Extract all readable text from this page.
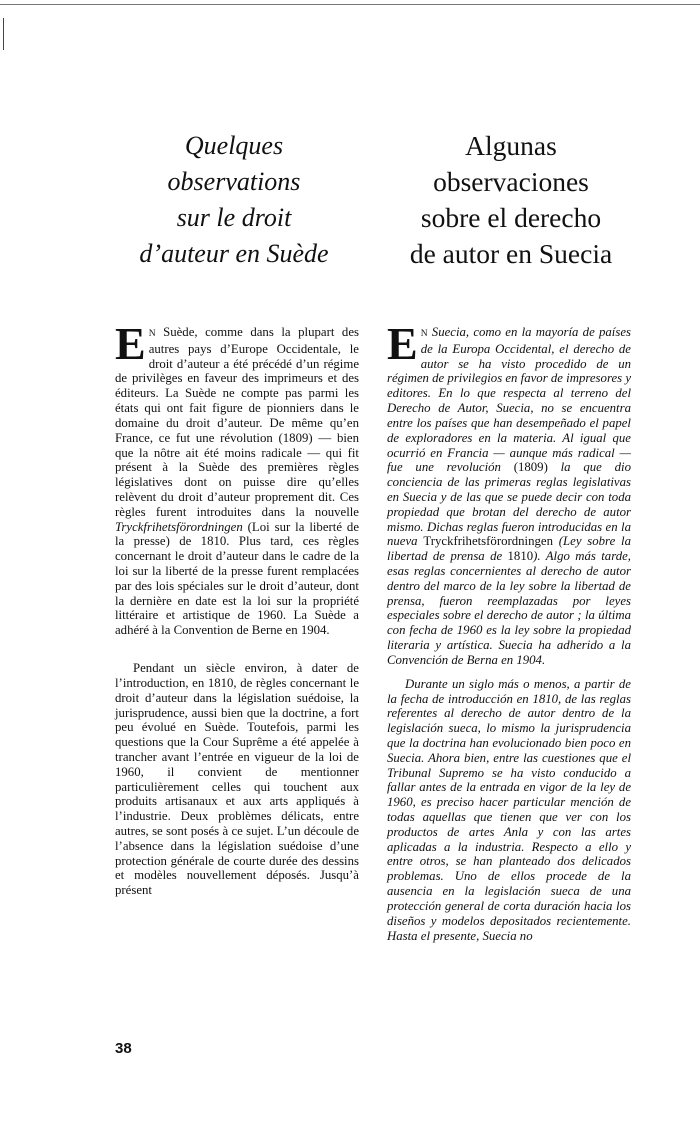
Quelques
observations
sur le droit
d’auteur en Suède
Algunas
observaciones
sobre el derecho
de autor en Suecia

E N Suède, comme dans la plupart des autres pays d’Europe Occidentale, le droit d’auteur a été précédé d’un régime de privilèges en faveur des imprimeurs et des éditeurs. La Suède ne compte pas parmi les états qui ont fait figure de pionniers dans le domaine du droit d’auteur. De même qu’en France, ce fut une révolution (1809) — bien que la nôtre ait été moins radicale — qui fit présent à la Suède des premières règles législatives dont on puisse dire qu’elles relèvent du droit d’auteur proprement dit. Ces règles furent introduites dans la nouvelle Tryckfrihetsförordningen (Loi sur la liberté de la presse) de 1810. Plus tard, ces règles concernant le droit d’auteur dans le cadre de la loi sur la liberté de la presse furent remplacées par des lois spéciales sur le droit d’auteur, dont la dernière en date est la loi sur la propriété littéraire et artistique de 1960. La Suède a adhéré à la Convention de Berne en 1904.

Pendant un siècle environ, à dater de l’introduction, en 1810, de règles concernant le droit d’auteur dans la législation suédoise, la jurisprudence, aussi bien que la doctrine, a fort peu évolué en Suède. Toutefois, parmi les questions que la Cour Suprême a été appelée à trancher avant l’entrée en vigueur de la loi de 1960, il convient de mentionner particulièrement celles qui touchent aux produits artisanaux et aux arts appliqués à l’industrie. Deux problèmes délicats, entre autres, se sont posés à ce sujet. L’un découle de l’absence dans la législation suédoise d’une protection générale de courte durée des dessins et modèles nouvellement déposés. Jusqu’à présent

E N Suecia, como en la mayoría de países de la Europa Occidental, el derecho de autor se ha visto procedido de un régimen de privilegios en favor de impresores y editores. En lo que respecta al terreno del Derecho de Autor, Suecia, no se encuentra entre los países que han desempeñado el papel de exploradores en la materia. Al igual que ocurrió en Francia — aunque más radical — fue une revolución (1809) la que dio conciencia de las primeras reglas legislativas en Suecia y de las que se puede decir con toda propiedad que brotan del derecho de autor mismo. Dichas reglas fueron introducidas en la nueva Tryckfrihetsförordningen (Ley sobre la libertad de prensa de 1810). Algo más tarde, esas reglas concernientes al derecho de autor dentro del marco de la ley sobre la libertad de prensa, fueron reemplazadas por leyes especiales sobre el derecho de autor ; la última con fecha de 1960 es la ley sobre la propiedad literaria y artística. Suecia ha adherido a la Convención de Berna en 1904.

Durante un siglo más o menos, a partir de la fecha de introducción en 1810, de las reglas referentes al derecho de autor dentro de la legislación sueca, lo mismo la jurisprudencia que la doctrina han evolucionado bien poco en Suecia. Ahora bien, entre las cuestiones que el Tribunal Supremo se ha visto conducido a fallar antes de la entrada en vigor de la ley de 1960, es preciso hacer particular mención de todas aquellas que tienen que ver con los productos de artes Anla y con las artes aplicadas a la industria. Respecto a ello y entre otros, se han planteado dos delicados problemas. Uno de ellos procede de la ausencia en la legislación sueca de una protección general de corta duración hacia los diseños y modelos depositados recientemente. Hasta el presente, Suecia no

38
